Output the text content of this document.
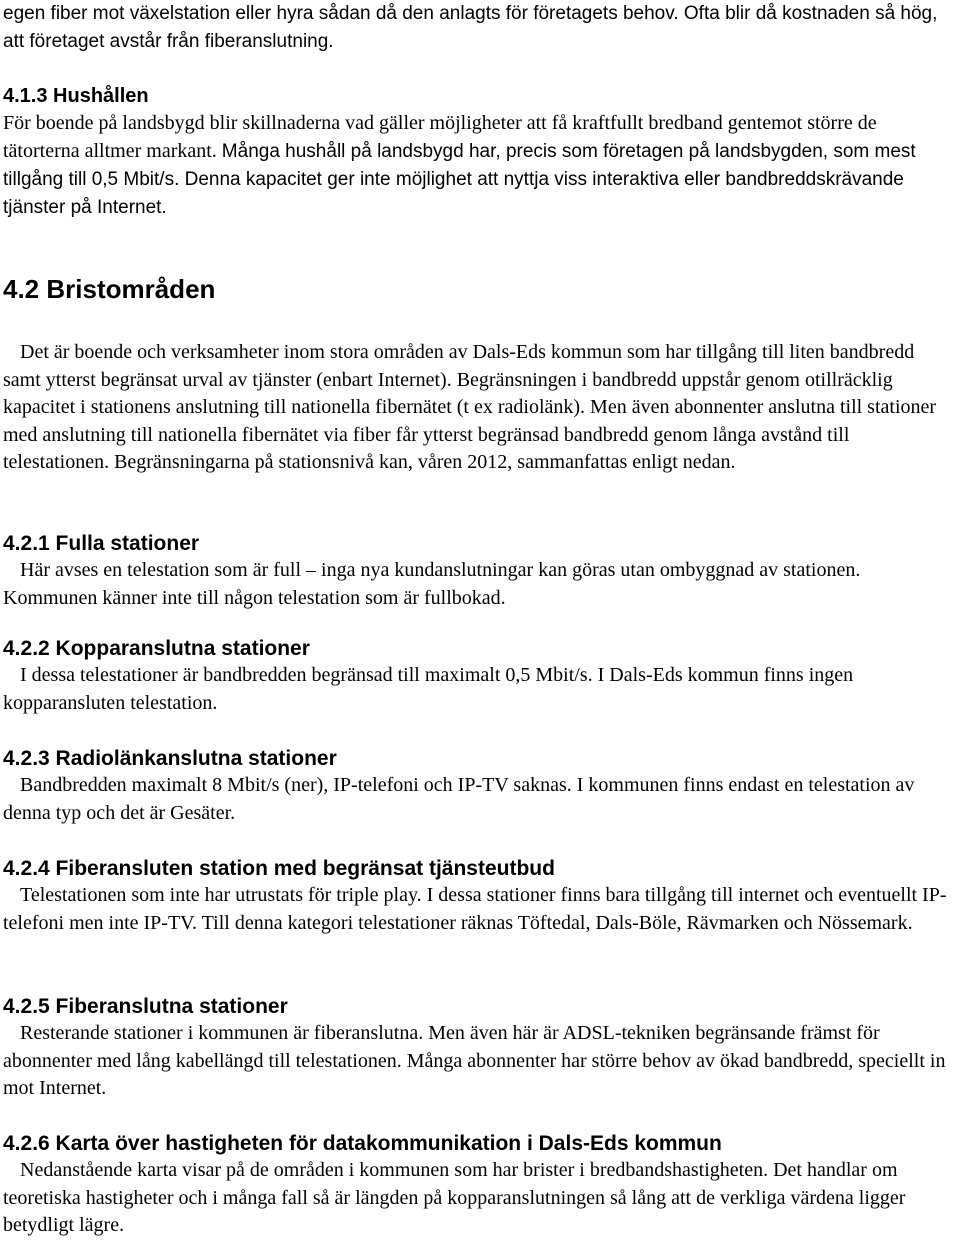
egen fiber mot växelstation eller hyra sådan då den anlagts för företagets behov. Ofta blir då kostnaden så hög, att företaget avstår från fiberanslutning.

4.1.3 Hushållen

För boende på landsbygd blir skillnaderna vad gäller möjligheter att få kraftfullt bredband gentemot större de tätorterna alltmer markant. Många hushåll på landsbygd har, precis som företagen på landsbygden, som mest tillgång till 0,5 Mbit/s. Denna kapacitet ger inte möjlighet att nyttja viss interaktiva eller bandbreddskrävande tjänster på Internet.

4.2 Bristområden

Det är boende och verksamheter inom stora områden av Dals-Eds kommun som har tillgång till liten bandbredd samt ytterst begränsat urval av tjänster (enbart Internet). Begränsningen i bandbredd uppstår genom otillräcklig kapacitet i stationens anslutning till nationella fibernätet (t ex radiolänk). Men även abonnenter anslutna till stationer med anslutning till nationella fibernätet via fiber får ytterst begränsad bandbredd genom långa avstånd till telestationen. Begränsningarna på stationsnivå kan, våren 2012, sammanfattas enligt nedan.

4.2.1 Fulla stationer

Här avses en telestation som är full – inga nya kundanslutningar kan göras utan ombyggnad av stationen. Kommunen känner inte till någon telestation som är fullbokad.

4.2.2 Kopparanslutna stationer

I dessa telestationer är bandbredden begränsad till maximalt 0,5 Mbit/s. I Dals-Eds kommun finns ingen kopparansluten telestation.

4.2.3 Radiolänkanslutna stationer

Bandbredden maximalt 8 Mbit/s (ner), IP-telefoni och IP-TV saknas. I kommunen finns endast en telestation av denna typ och det är Gesäter.

4.2.4 Fiberansluten station med begränsat tjänsteutbud

Telestationen som inte har utrustats för triple play. I dessa stationer finns bara tillgång till internet och eventuellt IP-telefoni men inte IP-TV. Till denna kategori telestationer räknas Töftedal, Dals-Böle, Rävmarken och Nössemark.

4.2.5 Fiberanslutna stationer

Resterande stationer i kommunen är fiberanslutna. Men även här är ADSL-tekniken begränsande främst för abonnenter med lång kabellängd till telestationen. Många abonnenter har större behov av ökad bandbredd, speciellt in mot Internet.

4.2.6 Karta över hastigheten för datakommunikation i Dals-Eds kommun

Nedanstående karta visar på de områden i kommunen som har brister i bredbandshastigheten. Det handlar om teoretiska hastigheter och i många fall så är längden på kopparanslutningen så lång att de verkliga värdena ligger betydligt lägre.
